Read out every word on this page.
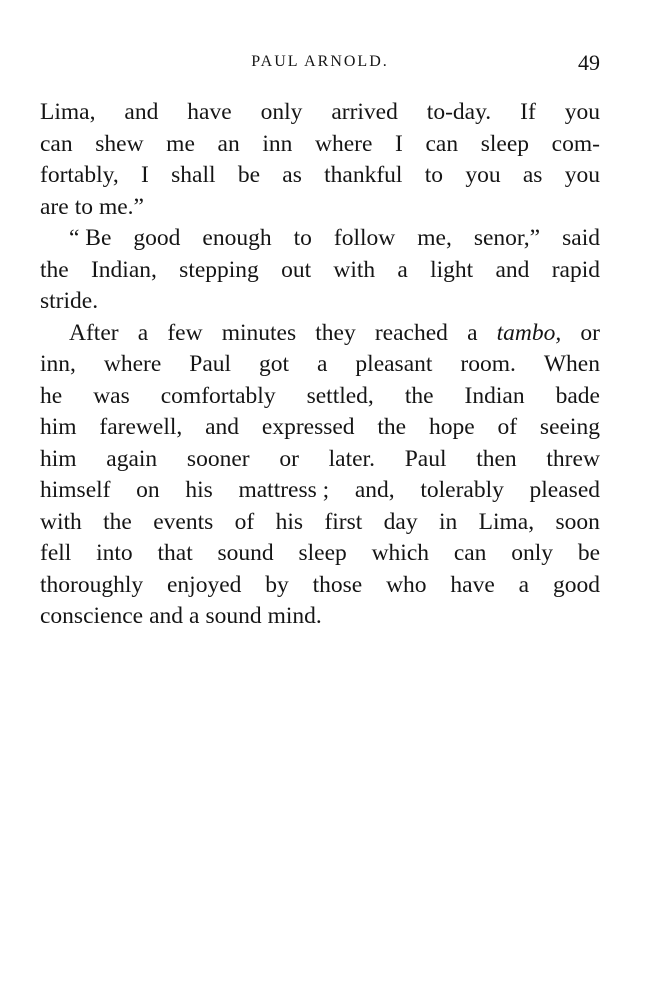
PAUL ARNOLD.	49
Lima, and have only arrived to-day. If you
can shew me an inn where I can sleep com-
fortably, I shall be as thankful to you as you
are to me.”
“ Be good enough to follow me, senor,” said
the Indian, stepping out with a light and rapid
stride.
After a few minutes they reached a tambo, or
inn, where Paul got a pleasant room. When
he was comfortably settled, the Indian bade
him farewell, and expressed the hope of seeing
him again sooner or later. Paul then threw
himself on his mattress ; and, tolerably pleased
with the events of his first day in Lima, soon
fell into that sound sleep which can only be
thoroughly enjoyed by those who have a good
conscience and a sound mind.
